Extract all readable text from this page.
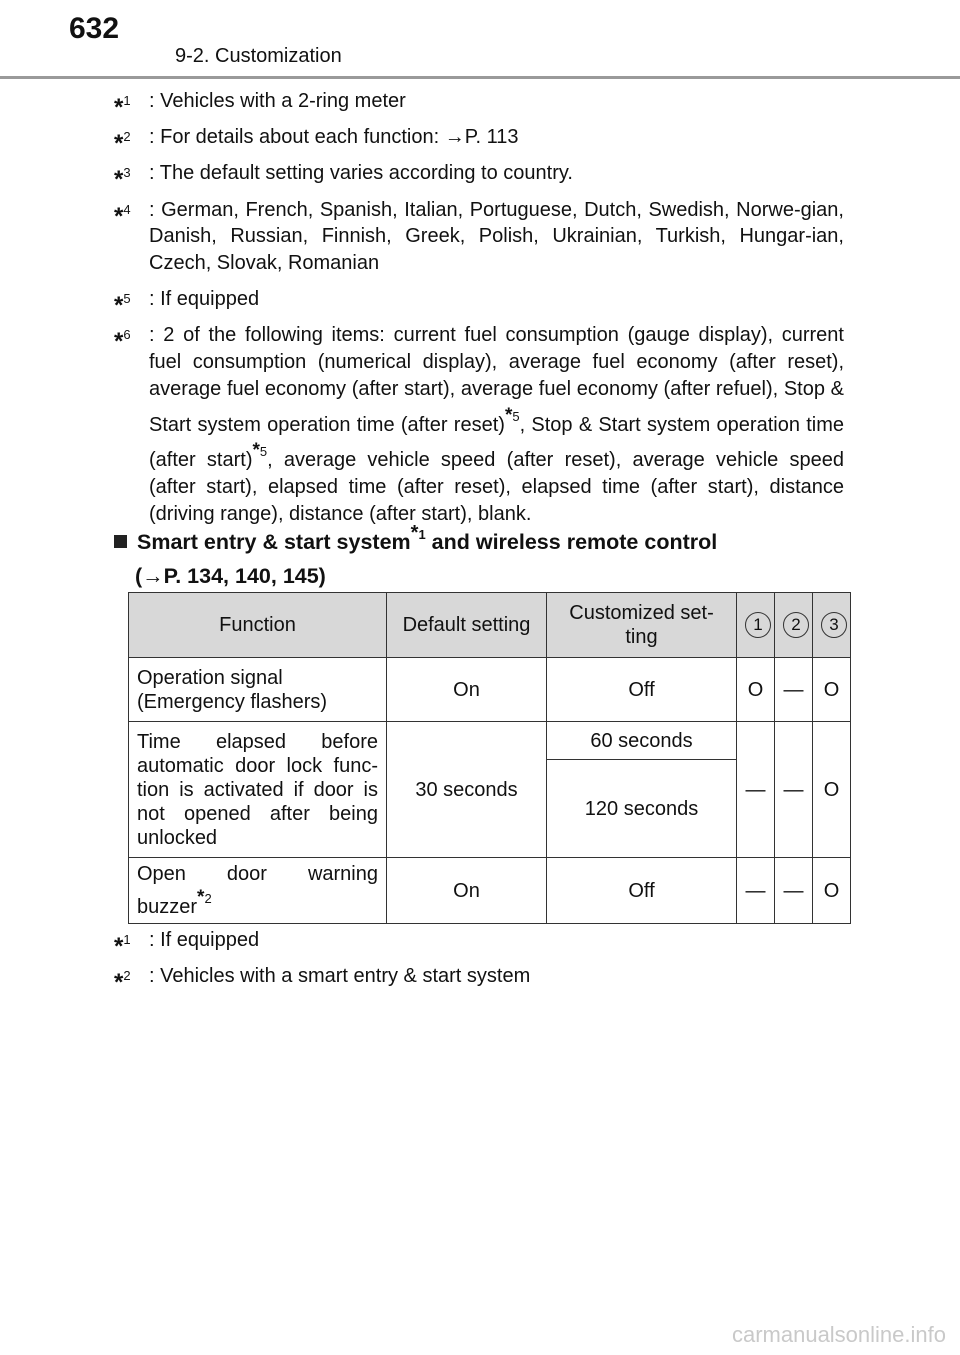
632
9-2. Customization
*$^1$ : Vehicles with a 2-ring meter
*$^2$ : For details about each function: →P. 113
*$^3$ : The default setting varies according to country.
*$^4$ : German, French, Spanish, Italian, Portuguese, Dutch, Swedish, Norwe-gian, Danish, Russian, Finnish, Greek, Polish, Ukrainian, Turkish, Hungar-ian, Czech, Slovak, Romanian
*$^5$ : If equipped
*$^6$ : 2 of the following items: current fuel consumption (gauge display), current fuel consumption (numerical display), average fuel economy (after reset), average fuel economy (after start), average fuel economy (after refuel), Stop & Start system operation time (after reset)$^{*5}$, Stop & Start system operation time (after start)$^{*5}$, average vehicle speed (after reset), average vehicle speed (after start), elapsed time (after reset), elapsed time (after start), distance (driving range), distance (after start), blank.
Smart entry & start system$^{*1}$ and wireless remote control
(→P. 134, 140, 145)
Function	Default setting	Customized set-ting	1	2	3
Operation signal (Emergency flashers)	On	Off	O	—	O
Time elapsed before automatic door lock func-tion is activated if door is not opened after being unlocked	30 seconds	60 seconds	—	—	O
		120 seconds			
Open door warning buzzer$^{*2}$	On	Off	—	—	O
*$^1$ : If equipped
*$^2$ : Vehicles with a smart entry & start system
carmanualsonline.info
